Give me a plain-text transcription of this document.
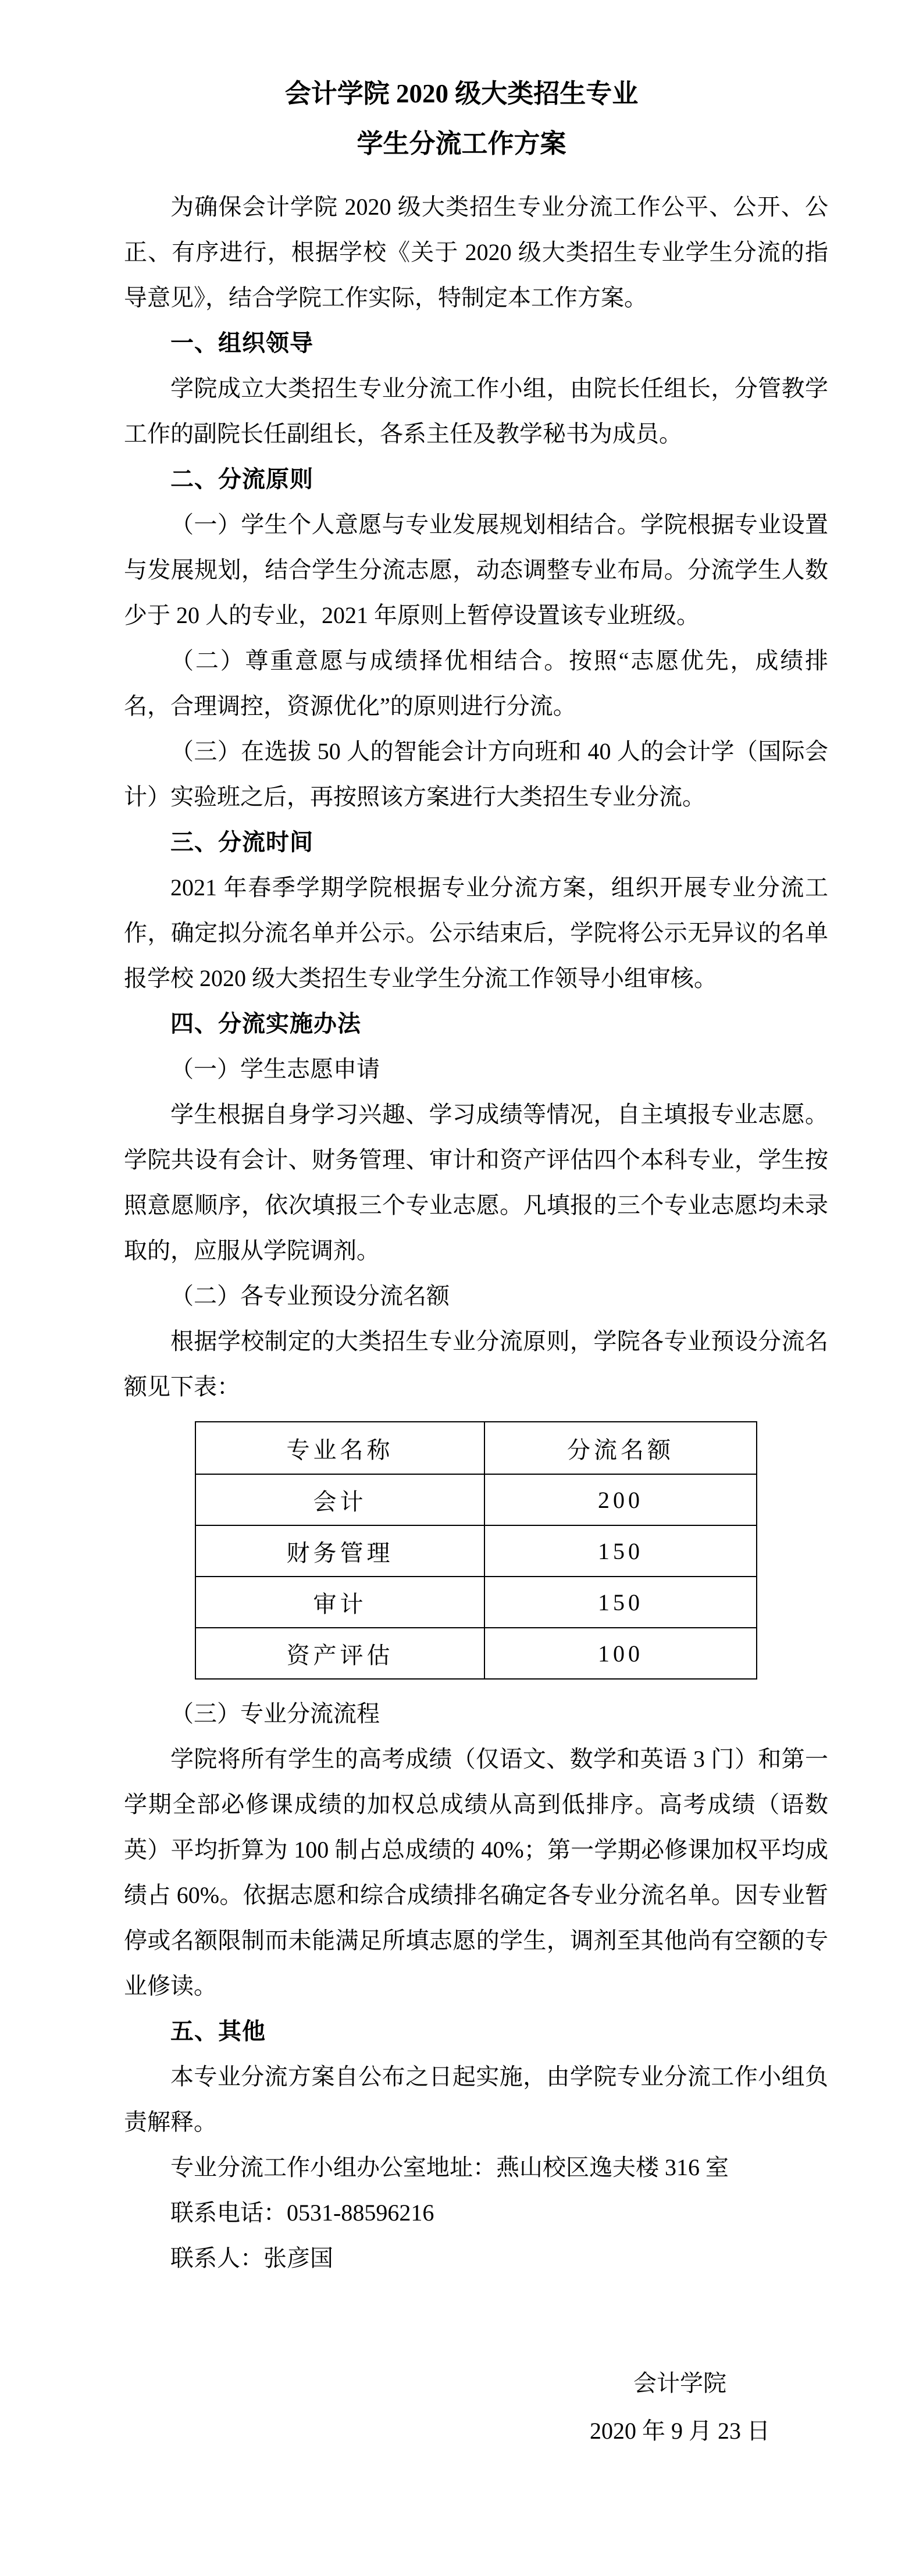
会计学院 2020 级大类招生专业
学生分流工作方案

为确保会计学院 2020 级大类招生专业分流工作公平、公开、公正、有序进行，根据学校《关于 2020 级大类招生专业学生分流的指导意见》，结合学院工作实际，特制定本工作方案。

一、组织领导

学院成立大类招生专业分流工作小组，由院长任组长，分管教学工作的副院长任副组长，各系主任及教学秘书为成员。

二、分流原则

（一）学生个人意愿与专业发展规划相结合。学院根据专业设置与发展规划，结合学生分流志愿，动态调整专业布局。分流学生人数少于 20 人的专业，2021 年原则上暂停设置该专业班级。

（二）尊重意愿与成绩择优相结合。按照“志愿优先，成绩排名，合理调控，资源优化”的原则进行分流。

（三）在选拔 50 人的智能会计方向班和 40 人的会计学（国际会计）实验班之后，再按照该方案进行大类招生专业分流。

三、分流时间

2021 年春季学期学院根据专业分流方案，组织开展专业分流工作，确定拟分流名单并公示。公示结束后，学院将公示无异议的名单报学校 2020 级大类招生专业学生分流工作领导小组审核。

四、分流实施办法

（一）学生志愿申请

学生根据自身学习兴趣、学习成绩等情况，自主填报专业志愿。学院共设有会计、财务管理、审计和资产评估四个本科专业，学生按照意愿顺序，依次填报三个专业志愿。凡填报的三个专业志愿均未录取的，应服从学院调剂。

（二）各专业预设分流名额

根据学校制定的大类招生专业分流原则，学院各专业预设分流名额见下表：

专业名称	分流名额
会计	200
财务管理	150
审计	150
资产评估	100

（三）专业分流流程

学院将所有学生的高考成绩（仅语文、数学和英语 3 门）和第一学期全部必修课成绩的加权总成绩从高到低排序。高考成绩（语数英）平均折算为 100 制占总成绩的 40%；第一学期必修课加权平均成绩占 60%。依据志愿和综合成绩排名确定各专业分流名单。因专业暂停或名额限制而未能满足所填志愿的学生，调剂至其他尚有空额的专业修读。

五、其他

本专业分流方案自公布之日起实施，由学院专业分流工作小组负责解释。

专业分流工作小组办公室地址：燕山校区逸夫楼 316 室

联系电话：0531-88596216

联系人：张彦国

会计学院
2020 年 9 月 23 日
